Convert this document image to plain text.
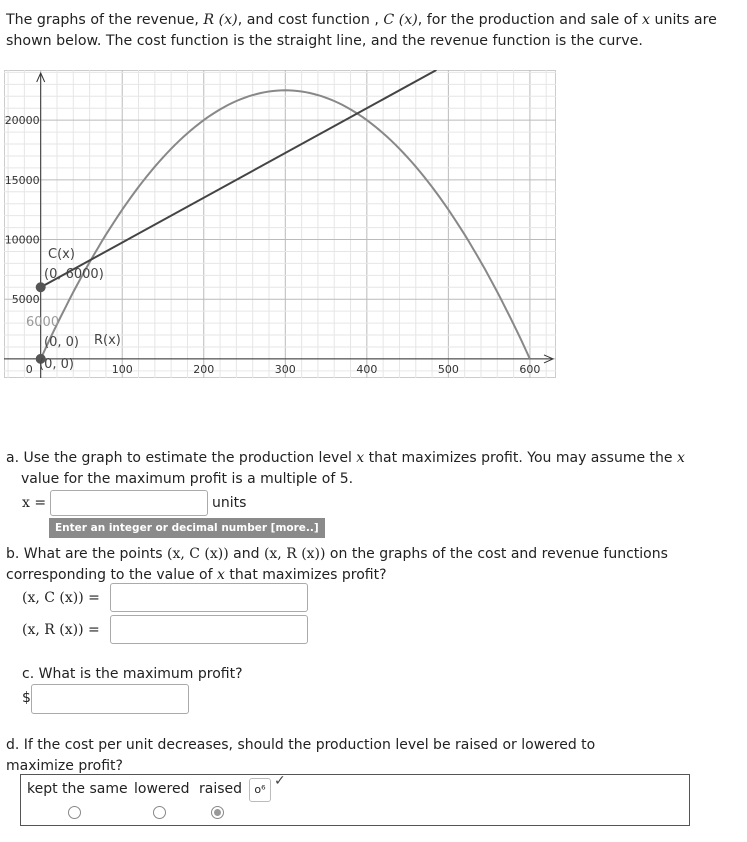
The graphs of the revenue, R (x), and cost function , C (x), for the production and sale of x units are shown below. The cost function is the straight line, and the revenue function is the curve.
100	200	300	400	500	600
5000
10000
15000
20000
0
C(x)
(0, 6000)
6000
(0, 0) R(x)
(0, 0)
a. Use the graph to estimate the production level x that maximizes profit. You may assume the x
value for the maximum profit is a multiple of 5.
x =	units
Enter an integer or decimal number [more..]
b. What are the points (x, C (x)) and (x, R (x)) on the graphs of the cost and revenue functions corresponding to the value of x that maximizes profit?
(x, C (x)) =
(x, R (x)) =
c. What is the maximum profit?
$
d. If the cost per unit decreases, should the production level be raised or lowered to maximize profit?
kept the same lowered raised	o⁶
✓
